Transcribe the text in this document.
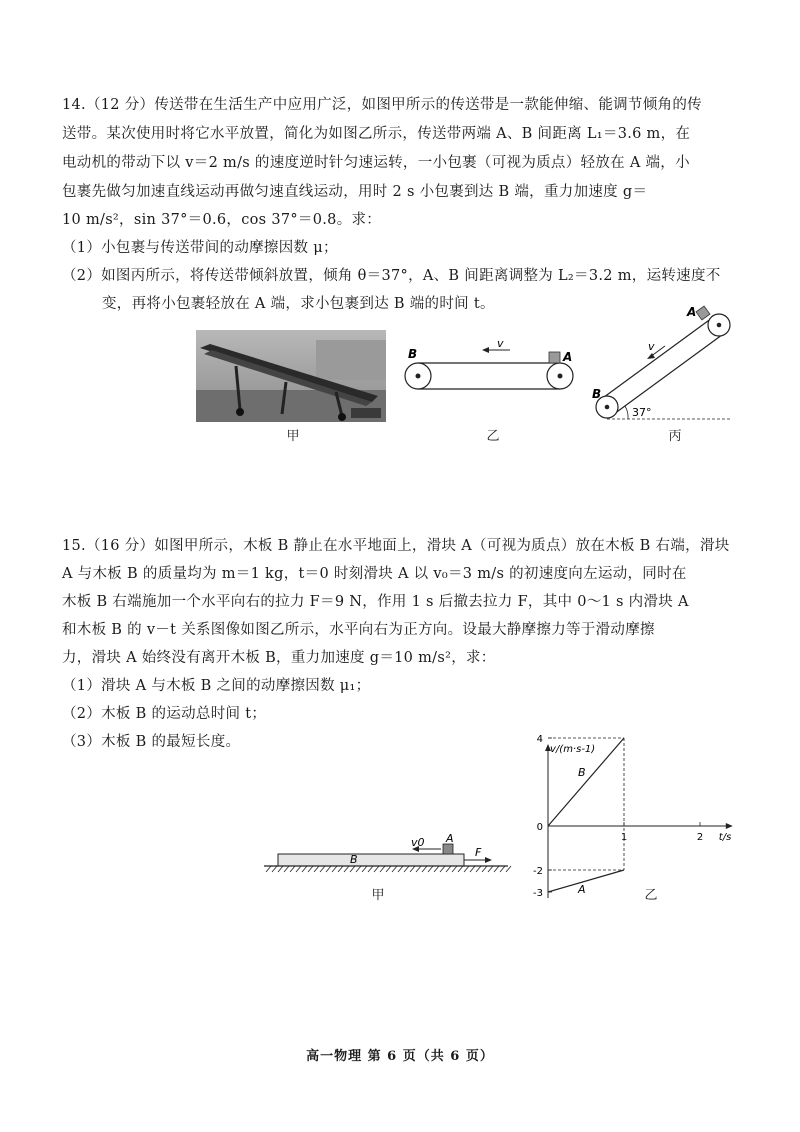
14.（12 分）传送带在生活生产中应用广泛，如图甲所示的传送带是一款能伸缩、能调节倾角的传
送带。某次使用时将它水平放置，简化为如图乙所示，传送带两端 A、B 间距离 L₁＝3.6 m，在
电动机的带动下以 v＝2 m/s 的速度逆时针匀速运转，一小包裹（可视为质点）轻放在 A 端，小
包裹先做匀加速直线运动再做匀速直线运动，用时 2 s 小包裹到达 B 端，重力加速度 g＝
10 m/s²，sin 37°＝0.6，cos 37°＝0.8。求：
（1）小包裹与传送带间的动摩擦因数 μ；
（2）如图丙所示，将传送带倾斜放置，倾角 θ＝37°，A、B 间距离调整为 L₂＝3.2 m，运转速度不
变，再将小包裹轻放在 A 端，求小包裹到达 B 端的时间 t。
甲
B	A
v
乙
A
B
v
37°
丙
15.（16 分）如图甲所示，木板 B 静止在水平地面上，滑块 A（可视为质点）放在木板 B 右端，滑块
A 与木板 B 的质量均为 m＝1 kg，t＝0 时刻滑块 A 以 v₀＝3 m/s 的初速度向左运动，同时在
木板 B 右端施加一个水平向右的拉力 F＝9 N，作用 1 s 后撤去拉力 F，其中 0～1 s 内滑块 A
和木板 B 的 v－t 关系图像如图乙所示，水平向右为正方向。设最大静摩擦力等于滑动摩擦
力，滑块 A 始终没有离开木板 B，重力加速度 g＝10 m/s²，求：
（1）滑块 A 与木板 B 之间的动摩擦因数 μ₁；
（2）木板 B 的运动总时间 t；
（3）木板 B 的最短长度。
v0 A
B
F
甲
v/(m·s-1)
t/s
4
0
-2
-3
1	2
B
A	乙
高一物理 第 6 页（共 6 页）
